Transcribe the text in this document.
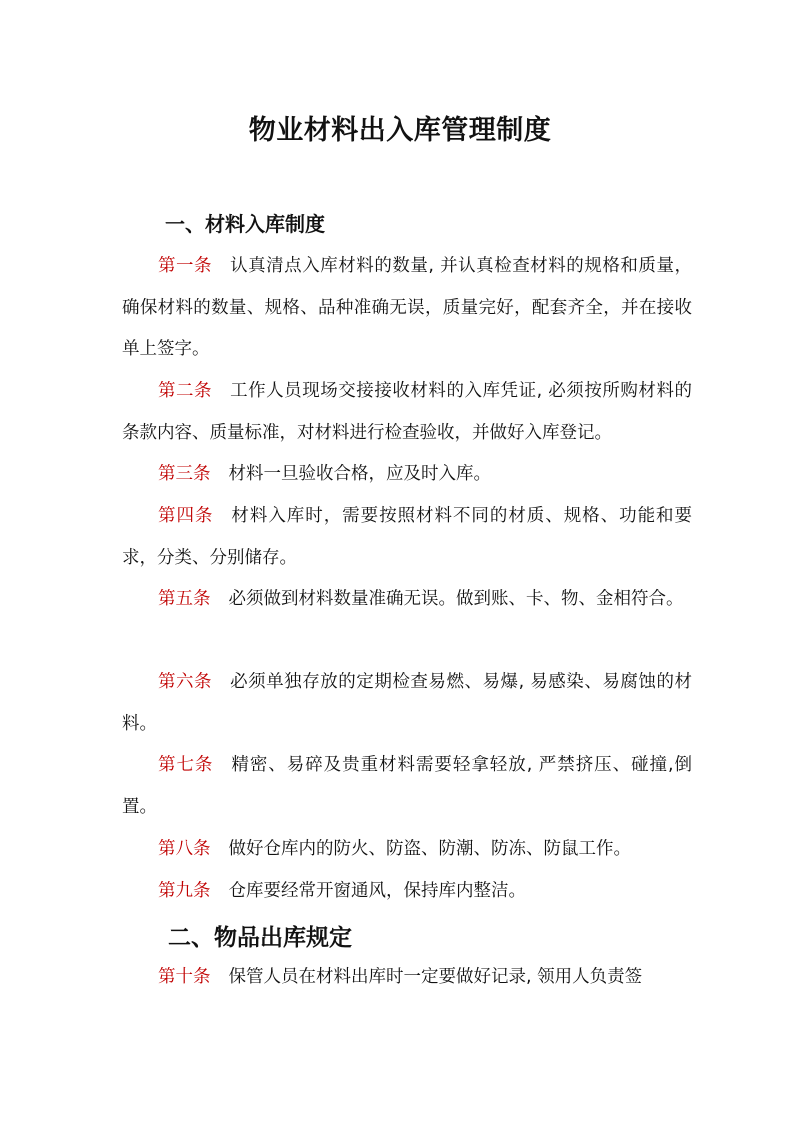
物业材料出入库管理制度
一、材料入库制度

第一条 认真清点入库材料的数量, 并认真检查材料的规格和质量，确保材料的数量、规格、品种准确无误，质量完好，配套齐全，并在接收单上签字。

第二条 工作人员现场交接接收材料的入库凭证, 必须按所购材料的条款内容、质量标准，对材料进行检查验收，并做好入库登记。

第三条 材料一旦验收合格，应及时入库。

第四条 材料入库时，需要按照材料不同的材质、规格、功能和要求，分类、分别储存。

第五条 必须做到材料数量准确无误。做到账、卡、物、金相符合。

第六条 必须单独存放的定期检查易燃、易爆, 易感染、易腐蚀的材料。

第七条 精密、易碎及贵重材料需要轻拿轻放, 严禁挤压、碰撞,倒置。

第八条 做好仓库内的防火、防盗、防潮、防冻、防鼠工作。

第九条 仓库要经常开窗通风，保持库内整洁。

二、物品出库规定

第十条 保管人员在材料出库时一定要做好记录, 领用人负责签
